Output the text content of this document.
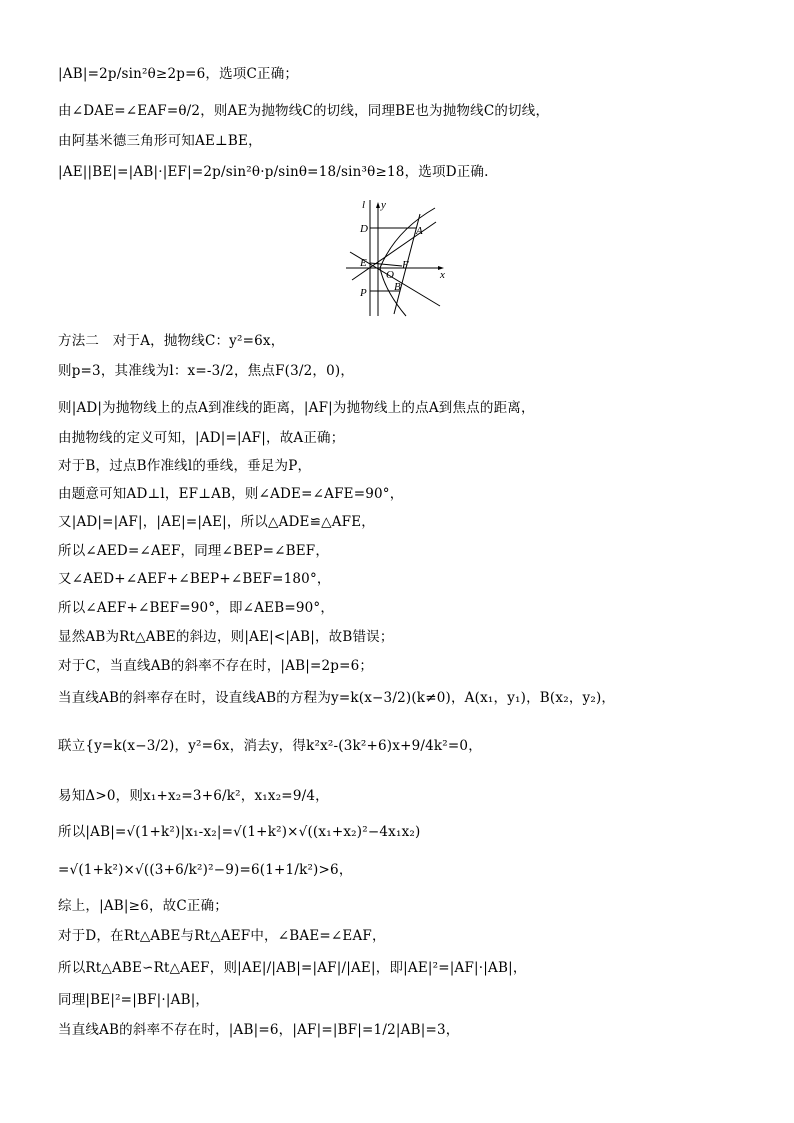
|AB|=2p/sin²θ≥2p=6，选项C正确；
由∠DAE=∠EAF=θ/2，则AE为抛物线C的切线，同理BE也为抛物线C的切线，
由阿基米德三角形可知AE⊥BE，
|AE||BE|=|AB|·|EF|=2p/sin²θ·p/sinθ=18/sin³θ≥18，选项D正确.
l y
x
D	A
E
O
F
P B
方法二　对于A，抛物线C：y²=6x，
则p=3，其准线为l：x=-3/2，焦点F(3/2，0)，
则|AD|为抛物线上的点A到准线的距离，|AF|为抛物线上的点A到焦点的距离，
由抛物线的定义可知，|AD|=|AF|，故A正确；
对于B，过点B作准线l的垂线，垂足为P，
由题意可知AD⊥l，EF⊥AB，则∠ADE=∠AFE=90°，
又|AD|=|AF|，|AE|=|AE|，所以△ADE≌△AFE，
所以∠AED=∠AEF，同理∠BEP=∠BEF，
又∠AED+∠AEF+∠BEP+∠BEF=180°，
所以∠AEF+∠BEF=90°，即∠AEB=90°，
显然AB为Rt△ABE的斜边，则|AE|<|AB|，故B错误；
对于C，当直线AB的斜率不存在时，|AB|=2p=6；
当直线AB的斜率存在时，设直线AB的方程为y=k(x−3/2)(k≠0)，A(x₁，y₁)，B(x₂，y₂)，
联立{y=k(x−3/2)，y²=6x，消去y，得k²x²-(3k²+6)x+9/4k²=0，
易知Δ>0，则x₁+x₂=3+6/k²，x₁x₂=9/4，
所以|AB|=√(1+k²)|x₁-x₂|=√(1+k²)×√((x₁+x₂)²−4x₁x₂)
=√(1+k²)×√((3+6/k²)²−9)=6(1+1/k²)>6，
综上，|AB|≥6，故C正确；
对于D，在Rt△ABE与Rt△AEF中，∠BAE=∠EAF，
所以Rt△ABE∽Rt△AEF，则|AE|/|AB|=|AF|/|AE|，即|AE|²=|AF|·|AB|，
同理|BE|²=|BF|·|AB|，
当直线AB的斜率不存在时，|AB|=6，|AF|=|BF|=1/2|AB|=3，
